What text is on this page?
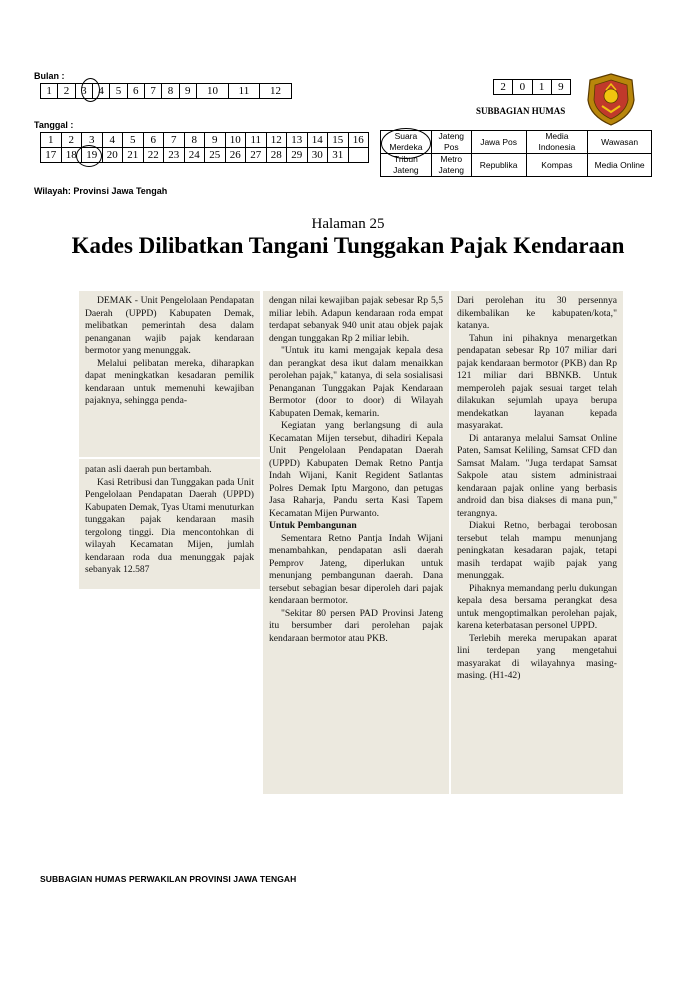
Bulan :
1	2	3	4	5	6	7	8	9	10	11	12
Tanggal :
1	2	3	4	5	6	7	8	9	10	11	12	13	14	15	16
17	18	19	20	21	22	23	24	25	26	27	28	29	30	31	
Wilayah: Provinsi Jawa Tengah
2	0	1	9
SUBBAGIAN HUMAS
Suara Merdeka	Jateng Pos	Jawa Pos	Media Indonesia	Wawasan
Tribun Jateng	Metro Jateng	Republika	Kompas	Media Online
Halaman 25
Kades Dilibatkan Tangani Tunggakan Pajak Kendaraan

DEMAK - Unit Pengelolaan Pendapatan Daerah (UPPD) Kabupaten Demak, melibatkan pemerintah desa dalam penanganan wajib pajak kendaraan bermotor yang menunggak.

Melalui pelibatan mereka, diharapkan dapat meningkatkan kesadaran pemilik kendaraan untuk memenuhi kewajiban pajaknya, sehingga penda-

patan asli daerah pun bertambah.

Kasi Retribusi dan Tunggakan pada Unit Pengelolaan Pendapatan Daerah (UPPD) Kabupaten Demak, Tyas Utami menuturkan tunggakan pajak kendaraan masih tergolong tinggi. Dia mencontohkan di wilayah Kecamatan Mijen, jumlah kendaraan roda dua menunggak pajak sebanyak 12.587

dengan nilai kewajiban pajak sebesar Rp 5,5 miliar lebih. Adapun kendaraan roda empat terdapat sebanyak 940 unit atau objek pajak dengan tunggakan Rp 2 miliar lebih.

"Untuk itu kami mengajak kepala desa dan perangkat desa ikut dalam menaikkan perolehan pajak," katanya, di sela sosialisasi Penanganan Tunggakan Pajak Kendaraan Bermotor (door to door) di Wilayah Kabupaten Demak, kemarin.

Kegiatan yang berlangsung di aula Kecamatan Mijen tersebut, dihadiri Kepala Unit Pengelolaan Pendapatan Daerah (UPPD) Kabupaten Demak Retno Pantja Indah Wijani, Kanit Regident Satlantas Polres Demak Iptu Margono, dan petugas Jasa Raharja, Pandu serta Kasi Tapem Kecamatan Mijen Purwanto.

Untuk Pembangunan

Sementara Retno Pantja Indah Wijani menambahkan, pendapatan asli daerah Pemprov Jateng, diperlukan untuk menunjang pembangunan daerah. Dana tersebut sebagian besar diperoleh dari pajak kendaraan bermotor.

"Sekitar 80 persen PAD Provinsi Jateng itu bersumber dari perolehan pajak kendaraan bermotor atau PKB.

Dari perolehan itu 30 persennya dikembalikan ke kabupaten/kota," katanya.

Tahun ini pihaknya menargetkan pendapatan sebesar Rp 107 miliar dari pajak kendaraan bermotor (PKB) dan Rp 121 miliar dari BBNKB. Untuk memperoleh pajak sesuai target telah dilakukan sejumlah upaya berupa mendekatkan layanan kepada masyarakat.

Di antaranya melalui Samsat Online Paten, Samsat Keliling, Samsat CFD dan Samsat Malam. "Juga terdapat Samsat Sakpole atau sistem administraai kendaraan pajak online yang berbasis android dan bisa diakses di mana pun," terangnya.

Diakui Retno, berbagai terobosan tersebut telah mampu menunjang peningkatan kesadaran pajak, tetapi masih terdapat wajib pajak yang menunggak.

Pihaknya memandang perlu dukungan kepala desa bersama perangkat desa untuk mengoptimalkan perolehan pajak, karena keterbatasan personel UPPD.

Terlebih mereka merupakan aparat lini terdepan yang mengetahui masyarakat di wilayahnya masing-masing. (H1-42)

SUBBAGIAN HUMAS PERWAKILAN PROVINSI JAWA TENGAH
